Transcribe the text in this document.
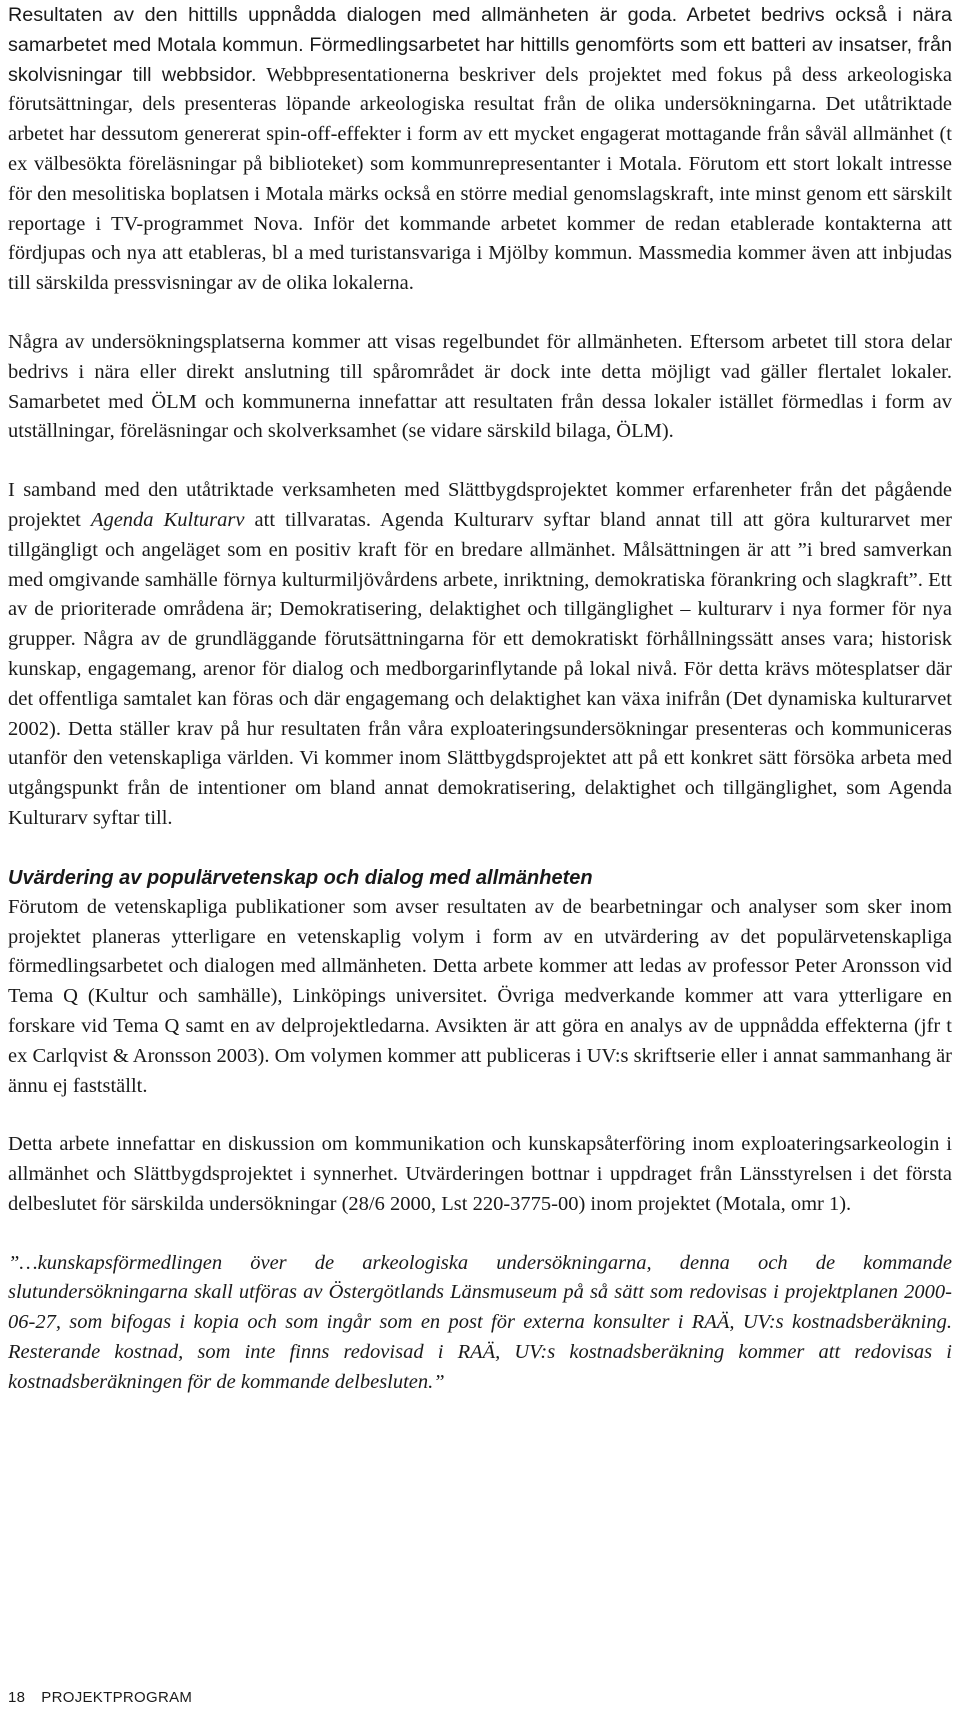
Resultaten av den hittills uppnådda dialogen med allmänheten är goda. Arbetet bedrivs också i nära samarbetet med Motala kommun. Förmedlingsarbetet har hittills genomförts som ett batteri av insatser, från skolvisningar till webbsidor. Webbpresentationerna beskriver dels projektet med fokus på dess arkeologiska förutsättningar, dels presenteras löpande arkeologiska resultat från de olika undersökningarna. Det utåtriktade arbetet har dessutom genererat spin-off-effekter i form av ett mycket engagerat mottagande från såväl allmänhet (t ex välbesökta föreläsningar på biblioteket) som kommunrepresentanter i Motala. Förutom ett stort lokalt intresse för den mesolitiska boplatsen i Motala märks också en större medial genomslagskraft, inte minst genom ett särskilt reportage i TV-programmet Nova. Inför det kommande arbetet kommer de redan etablerade kontakterna att fördjupas och nya att etableras, bl a med turistansvariga i Mjölby kommun. Massmedia kommer även att inbjudas till särskilda pressvisningar av de olika lokalerna.

Några av undersökningsplatserna kommer att visas regelbundet för allmänheten. Eftersom arbetet till stora delar bedrivs i nära eller direkt anslutning till spårområdet är dock inte detta möjligt vad gäller flertalet lokaler. Samarbetet med ÖLM och kommunerna innefattar att resultaten från dessa lokaler istället förmedlas i form av utställningar, föreläsningar och skolverksamhet (se vidare särskild bilaga, ÖLM).

I samband med den utåtriktade verksamheten med Slättbygdsprojektet kommer erfarenheter från det pågående projektet Agenda Kulturarv att tillvaratas. Agenda Kulturarv syftar bland annat till att göra kulturarvet mer tillgängligt och angeläget som en positiv kraft för en bredare allmänhet. Målsättningen är att ”i bred samverkan med omgivande samhälle förnya kulturmiljövårdens arbete, inriktning, demokratiska förankring och slagkraft”. Ett av de prioriterade områdena är; Demokratisering, delaktighet och tillgänglighet – kulturarv i nya former för nya grupper. Några av de grundläggande förutsättningarna för ett demokratiskt förhållningssätt anses vara; historisk kunskap, engagemang, arenor för dialog och medborgarinflytande på lokal nivå. För detta krävs mötesplatser där det offentliga samtalet kan föras och där engagemang och delaktighet kan växa inifrån (Det dynamiska kulturarvet 2002). Detta ställer krav på hur resultaten från våra exploateringsundersökningar presenteras och kommuniceras utanför den vetenskapliga världen. Vi kommer inom Slättbygdsprojektet att på ett konkret sätt försöka arbeta med utgångspunkt från de intentioner om bland annat demokratisering, delaktighet och tillgänglighet, som Agenda Kulturarv syftar till.

Uvärdering av populärvetenskap och dialog med allmänheten

Förutom de vetenskapliga publikationer som avser resultaten av de bearbetningar och analyser som sker inom projektet planeras ytterligare en vetenskaplig volym i form av en utvärdering av det populärvetenskapliga förmedlingsarbetet och dialogen med allmänheten. Detta arbete kommer att ledas av professor Peter Aronsson vid Tema Q (Kultur och samhälle), Linköpings universitet. Övriga medverkande kommer att vara ytterligare en forskare vid Tema Q samt en av delprojektledarna. Avsikten är att göra en analys av de uppnådda effekterna (jfr t ex Carlqvist & Aronsson 2003). Om volymen kommer att publiceras i UV:s skriftserie eller i annat sammanhang är ännu ej fastställt.

Detta arbete innefattar en diskussion om kommunikation och kunskapsåterföring inom exploateringsarkeologin i allmänhet och Slättbygdsprojektet i synnerhet. Utvärderingen bottnar i uppdraget från Länsstyrelsen i det första delbeslutet för särskilda undersökningar (28/6 2000, Lst 220-3775-00) inom projektet (Motala, omr 1).

”…kunskapsförmedlingen över de arkeologiska undersökningarna, denna och de kommande slutundersökningarna skall utföras av Östergötlands Länsmuseum på så sätt som redovisas i projektplanen 2000-06-27, som bifogas i kopia och som ingår som en post för externa konsulter i RAÄ, UV:s kostnadsberäkning. Resterande kostnad, som inte finns redovisad i RAÄ, UV:s kostnadsberäkning kommer att redovisas i kostnadsberäkningen för de kommande delbesluten.”

18 PROJEKTPROGRAM
